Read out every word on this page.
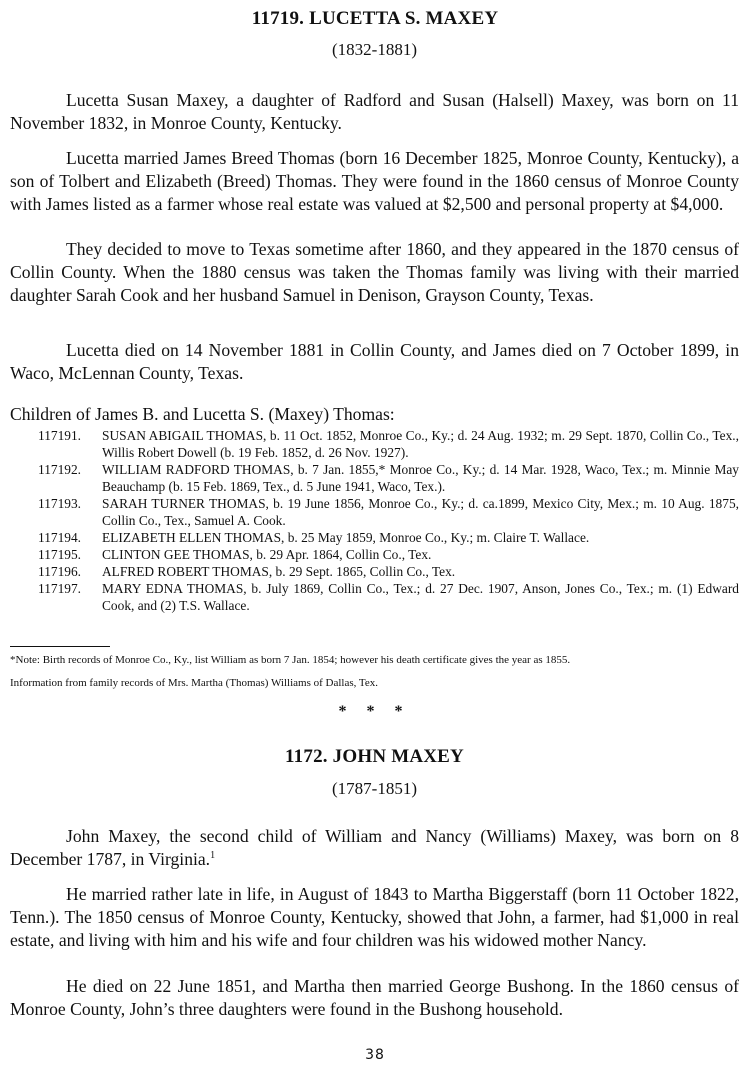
11719. LUCETTA S. MAXEY
(1832-1881)

Lucetta Susan Maxey, a daughter of Radford and Susan (Halsell) Maxey, was born on 11 November 1832, in Monroe County, Kentucky.

Lucetta married James Breed Thomas (born 16 December 1825, Monroe County, Kentucky), a son of Tolbert and Elizabeth (Breed) Thomas. They were found in the 1860 census of Monroe County with James listed as a farmer whose real estate was valued at $2,500 and personal property at $4,000.

They decided to move to Texas sometime after 1860, and they appeared in the 1870 census of Collin County. When the 1880 census was taken the Thomas family was living with their married daughter Sarah Cook and her husband Samuel in Denison, Grayson County, Texas.

Lucetta died on 14 November 1881 in Collin County, and James died on 7 October 1899, in Waco, McLennan County, Texas.

Children of James B. and Lucetta S. (Maxey) Thomas:
117191.	SUSAN ABIGAIL THOMAS, b. 11 Oct. 1852, Monroe Co., Ky.; d. 24 Aug. 1932; m. 29 Sept. 1870, Collin Co., Tex., Willis Robert Dowell (b. 19 Feb. 1852, d. 26 Nov. 1927).
117192.	WILLIAM RADFORD THOMAS, b. 7 Jan. 1855,* Monroe Co., Ky.; d. 14 Mar. 1928, Waco, Tex.; m. Minnie May Beauchamp (b. 15 Feb. 1869, Tex., d. 5 June 1941, Waco, Tex.).
117193.	SARAH TURNER THOMAS, b. 19 June 1856, Monroe Co., Ky.; d. ca.1899, Mexico City, Mex.; m. 10 Aug. 1875, Collin Co., Tex., Samuel A. Cook.
117194.	ELIZABETH ELLEN THOMAS, b. 25 May 1859, Monroe Co., Ky.; m. Claire T. Wallace.
117195.	CLINTON GEE THOMAS, b. 29 Apr. 1864, Collin Co., Tex.
117196.	ALFRED ROBERT THOMAS, b. 29 Sept. 1865, Collin Co., Tex.
117197.	MARY EDNA THOMAS, b. July 1869, Collin Co., Tex.; d. 27 Dec. 1907, Anson, Jones Co., Tex.; m. (1) Edward Cook, and (2) T.S. Wallace.

*Note: Birth records of Monroe Co., Ky., list William as born 7 Jan. 1854; however his death certificate gives the year as 1855.

Information from family records of Mrs. Martha (Thomas) Williams of Dallas, Tex.

* * *
1172. JOHN MAXEY
(1787-1851)

John Maxey, the second child of William and Nancy (Williams) Maxey, was born on 8 December 1787, in Virginia.$^1$

He married rather late in life, in August of 1843 to Martha Biggerstaff (born 11 October 1822, Tenn.). The 1850 census of Monroe County, Kentucky, showed that John, a farmer, had $1,000 in real estate, and living with him and his wife and four children was his widowed mother Nancy.

He died on 22 June 1851, and Martha then married George Bushong. In the 1860 census of Monroe County, John’s three daughters were found in the Bushong household.

38
